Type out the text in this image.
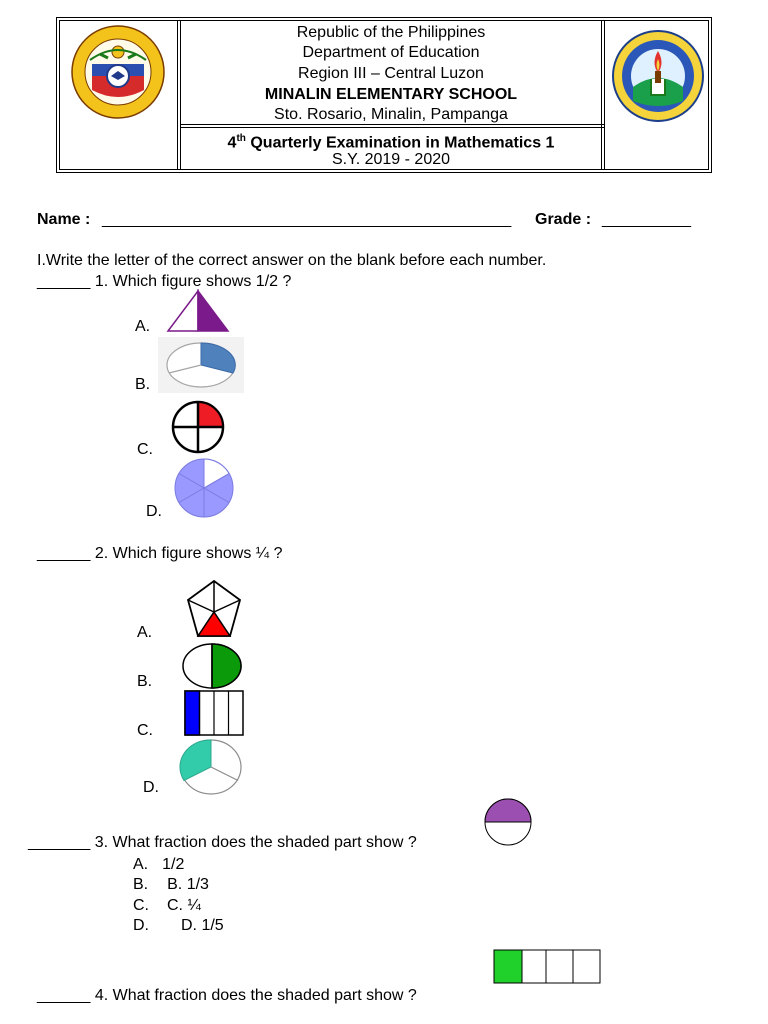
Republic of the Philippines
Department of Education
Region III – Central Luzon
MINALIN ELEMENTARY SCHOOL
Sto. Rosario, Minalin, Pampanga
4th Quarterly Examination in Mathematics 1
S.Y. 2019 - 2020
Name : ______________________________________________ Grade : __________
I.Write the letter of the correct answer on the blank before each number.
______ 1. Which figure shows 1/2 ?
A.
B.
C.
D.
______ 2. Which figure shows ¼ ?
A.
B.
C.
D.
_______ 3. What fraction does the shaded part show ?
A. 1/2
B. B. 1/3
C. C. ¼
D. D. 1/5
______ 4. What fraction does the shaded part show ?
